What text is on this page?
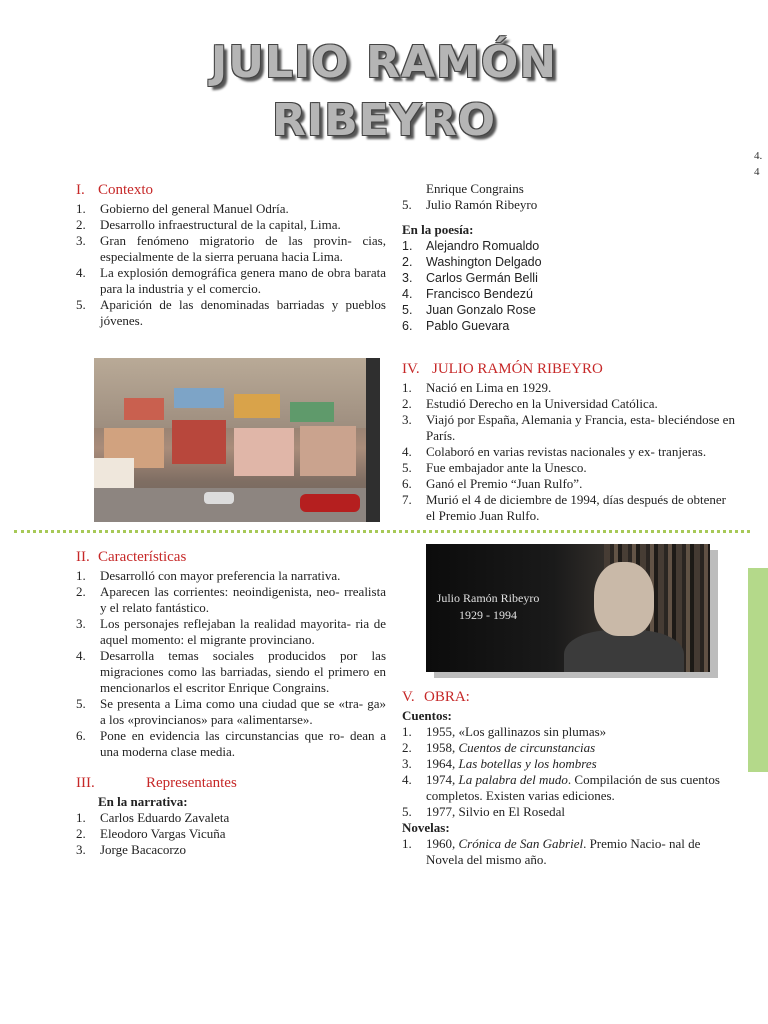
JULIO RAMÓN
RIBEYRO
4.
4
I. Contexto
1.	Gobierno del general Manuel Odría.
2.	Desarrollo infraestructural de la capital, Lima.
3.	Gran fenómeno migratorio de las provin- cias, especialmente de la sierra peruana hacia Lima.
4.	La explosión demográfica genera mano de obra barata para la industria y el comercio.
5.	Aparición de las denominadas barriadas y pueblos jóvenes.
II. Características
1.	Desarrolló con mayor preferencia la narrativa.
2.	Aparecen las corrientes: neoindigenista, neo- rrealista y el relato fantástico.
3.	Los personajes reflejaban la realidad mayorita- ria de aquel momento: el migrante provinciano.
4.	Desarrolla temas sociales producidos por las migraciones como las barriadas, siendo el primero en mencionarlos el escritor Enrique Congrains.
5.	Se presenta a Lima como una ciudad que se «tra- ga» a los «provincianos» para «alimentarse».
6.	Pone en evidencia las circunstancias que ro- dean a una moderna clase media.
III.	Representantes

En la narrativa:

1.	Carlos Eduardo Zavaleta
2.	Eleodoro Vargas Vicuña
3.	Jorge Bacacorzo
Enrique Congrains
5.	Julio Ramón Ribeyro

En la poesía:

1.	Alejandro Romualdo
2.	Washington Delgado
3.	Carlos Germán Belli
4.	Francisco Bendezú
5.	Juan Gonzalo Rose
6.	Pablo Guevara
IV. JULIO RAMÓN RIBEYRO
1.	Nació en Lima en 1929.
2.	Estudió Derecho en la Universidad Católica.
3.	Viajó por España, Alemania y Francia, esta- bleciéndose en París.
4.	Colaboró en varias revistas nacionales y ex- tranjeras.
5.	Fue embajador ante la Unesco.
6.	Ganó el Premio “Juan Rulfo”.
7.	Murió el 4 de diciembre de 1994, días después de obtener el Premio Juan Rulfo.
Julio Ramón Ribeyro
1929 - 1994
V. OBRA:

Cuentos:

1.	1955, «Los gallinazos sin plumas»
2.	1958, Cuentos de circunstancias
3.	1964, Las botellas y los hombres
4.	1974, La palabra del mudo. Compilación de sus cuentos completos. Existen varias ediciones.
5.	1977, Silvio en El Rosedal

Novelas:

1.	1960, Crónica de San Gabriel. Premio Nacio- nal de Novela del mismo año.
